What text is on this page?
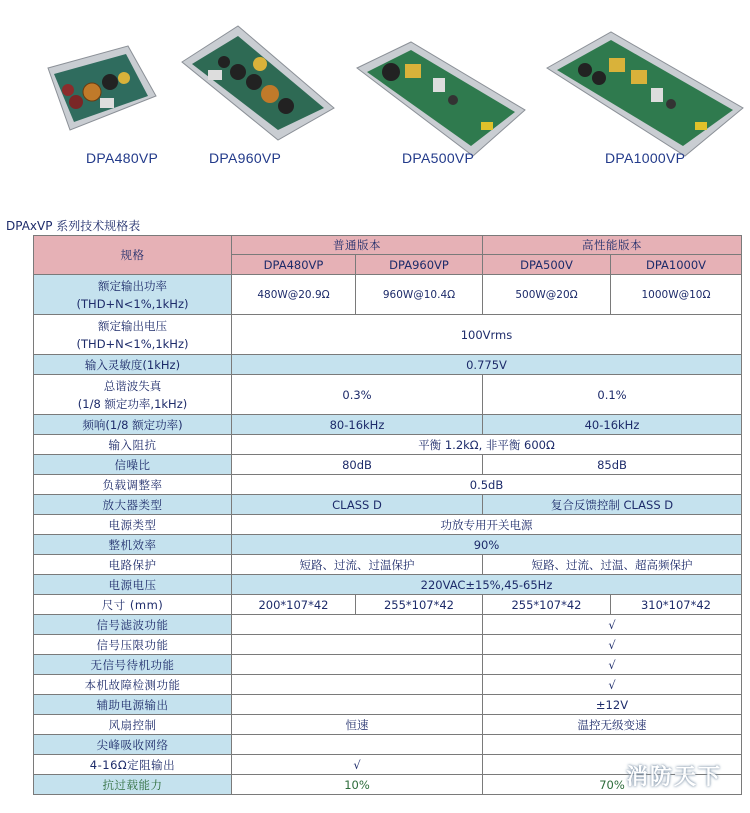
DPA480VP	DPA960VP	DPA500VP	DPA1000VP
DPAxVP 系列技术规格表
规格	普通版本		高性能版本	
	DPA480VP	DPA960VP	DPA500V	DPA1000V

额定输出功率
(THD+N<1%,1kHz)	480W@20.9Ω	960W@10.4Ω	500W@20Ω	1000W@10Ω

额定输出电压
(THD+N<1%,1kHz)	100Vrms			
输入灵敏度(1kHz)	0.775V			

总谐波失真
(1/8 额定功率,1kHz)	0.3%		0.1%	
频响(1/8 额定功率)	80-16kHz		40-16kHz	
输入阻抗	平衡 1.2kΩ, 非平衡 600Ω			
信噪比	80dB		85dB	
负载调整率	0.5dB			
放大器类型	CLASS D		复合反馈控制 CLASS D	
电源类型	功放专用开关电源			
整机效率	90%			
电路保护	短路、过流、过温保护		短路、过流、过温、超高频保护	
电源电压	220VAC±15%,45-65Hz			
尺寸 (mm)	200*107*42	255*107*42	255*107*42	310*107*42
信号滤波功能			√	
信号压限功能			√	
无信号待机功能			√	
本机故障检测功能			√	
辅助电源输出			±12V	
风扇控制	恒速		温控无级变速	
尖峰吸收网络				
4-16Ω定阻输出	√			
抗过载能力	10%		70%	消防天下
